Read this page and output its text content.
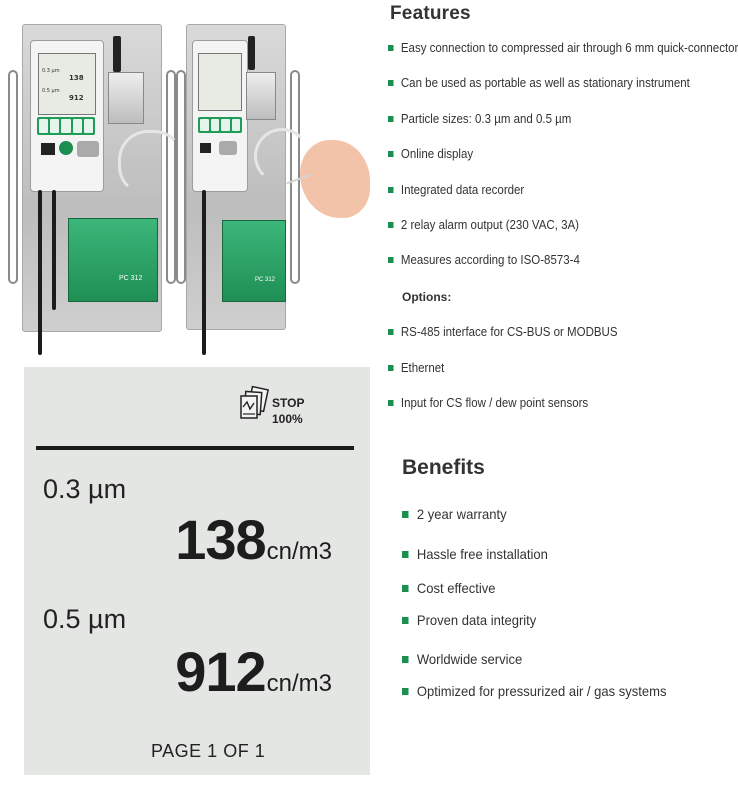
0.3 µm
138
0.5 µm
912
PC 312	PC 312
Features
Easy connection to compressed air through 6 mm quick-connector
Can be used as portable as well as stationary instrument
Particle sizes: 0.3 µm and 0.5 µm
Online display
Integrated data recorder
2 relay alarm output (230 VAC, 3A)
Measures according to ISO-8573-4
Options:
RS-485 interface for CS-BUS or MODBUS
Ethernet
Input for CS flow / dew point sensors
Benefits
2 year warranty
Hassle free installation
Cost effective
Proven data integrity
Worldwide service
Optimized for pressurized air / gas systems
STOP
100%
0.3 µm
138cn/m3
0.5 µm
912cn/m3
PAGE 1 OF 1
